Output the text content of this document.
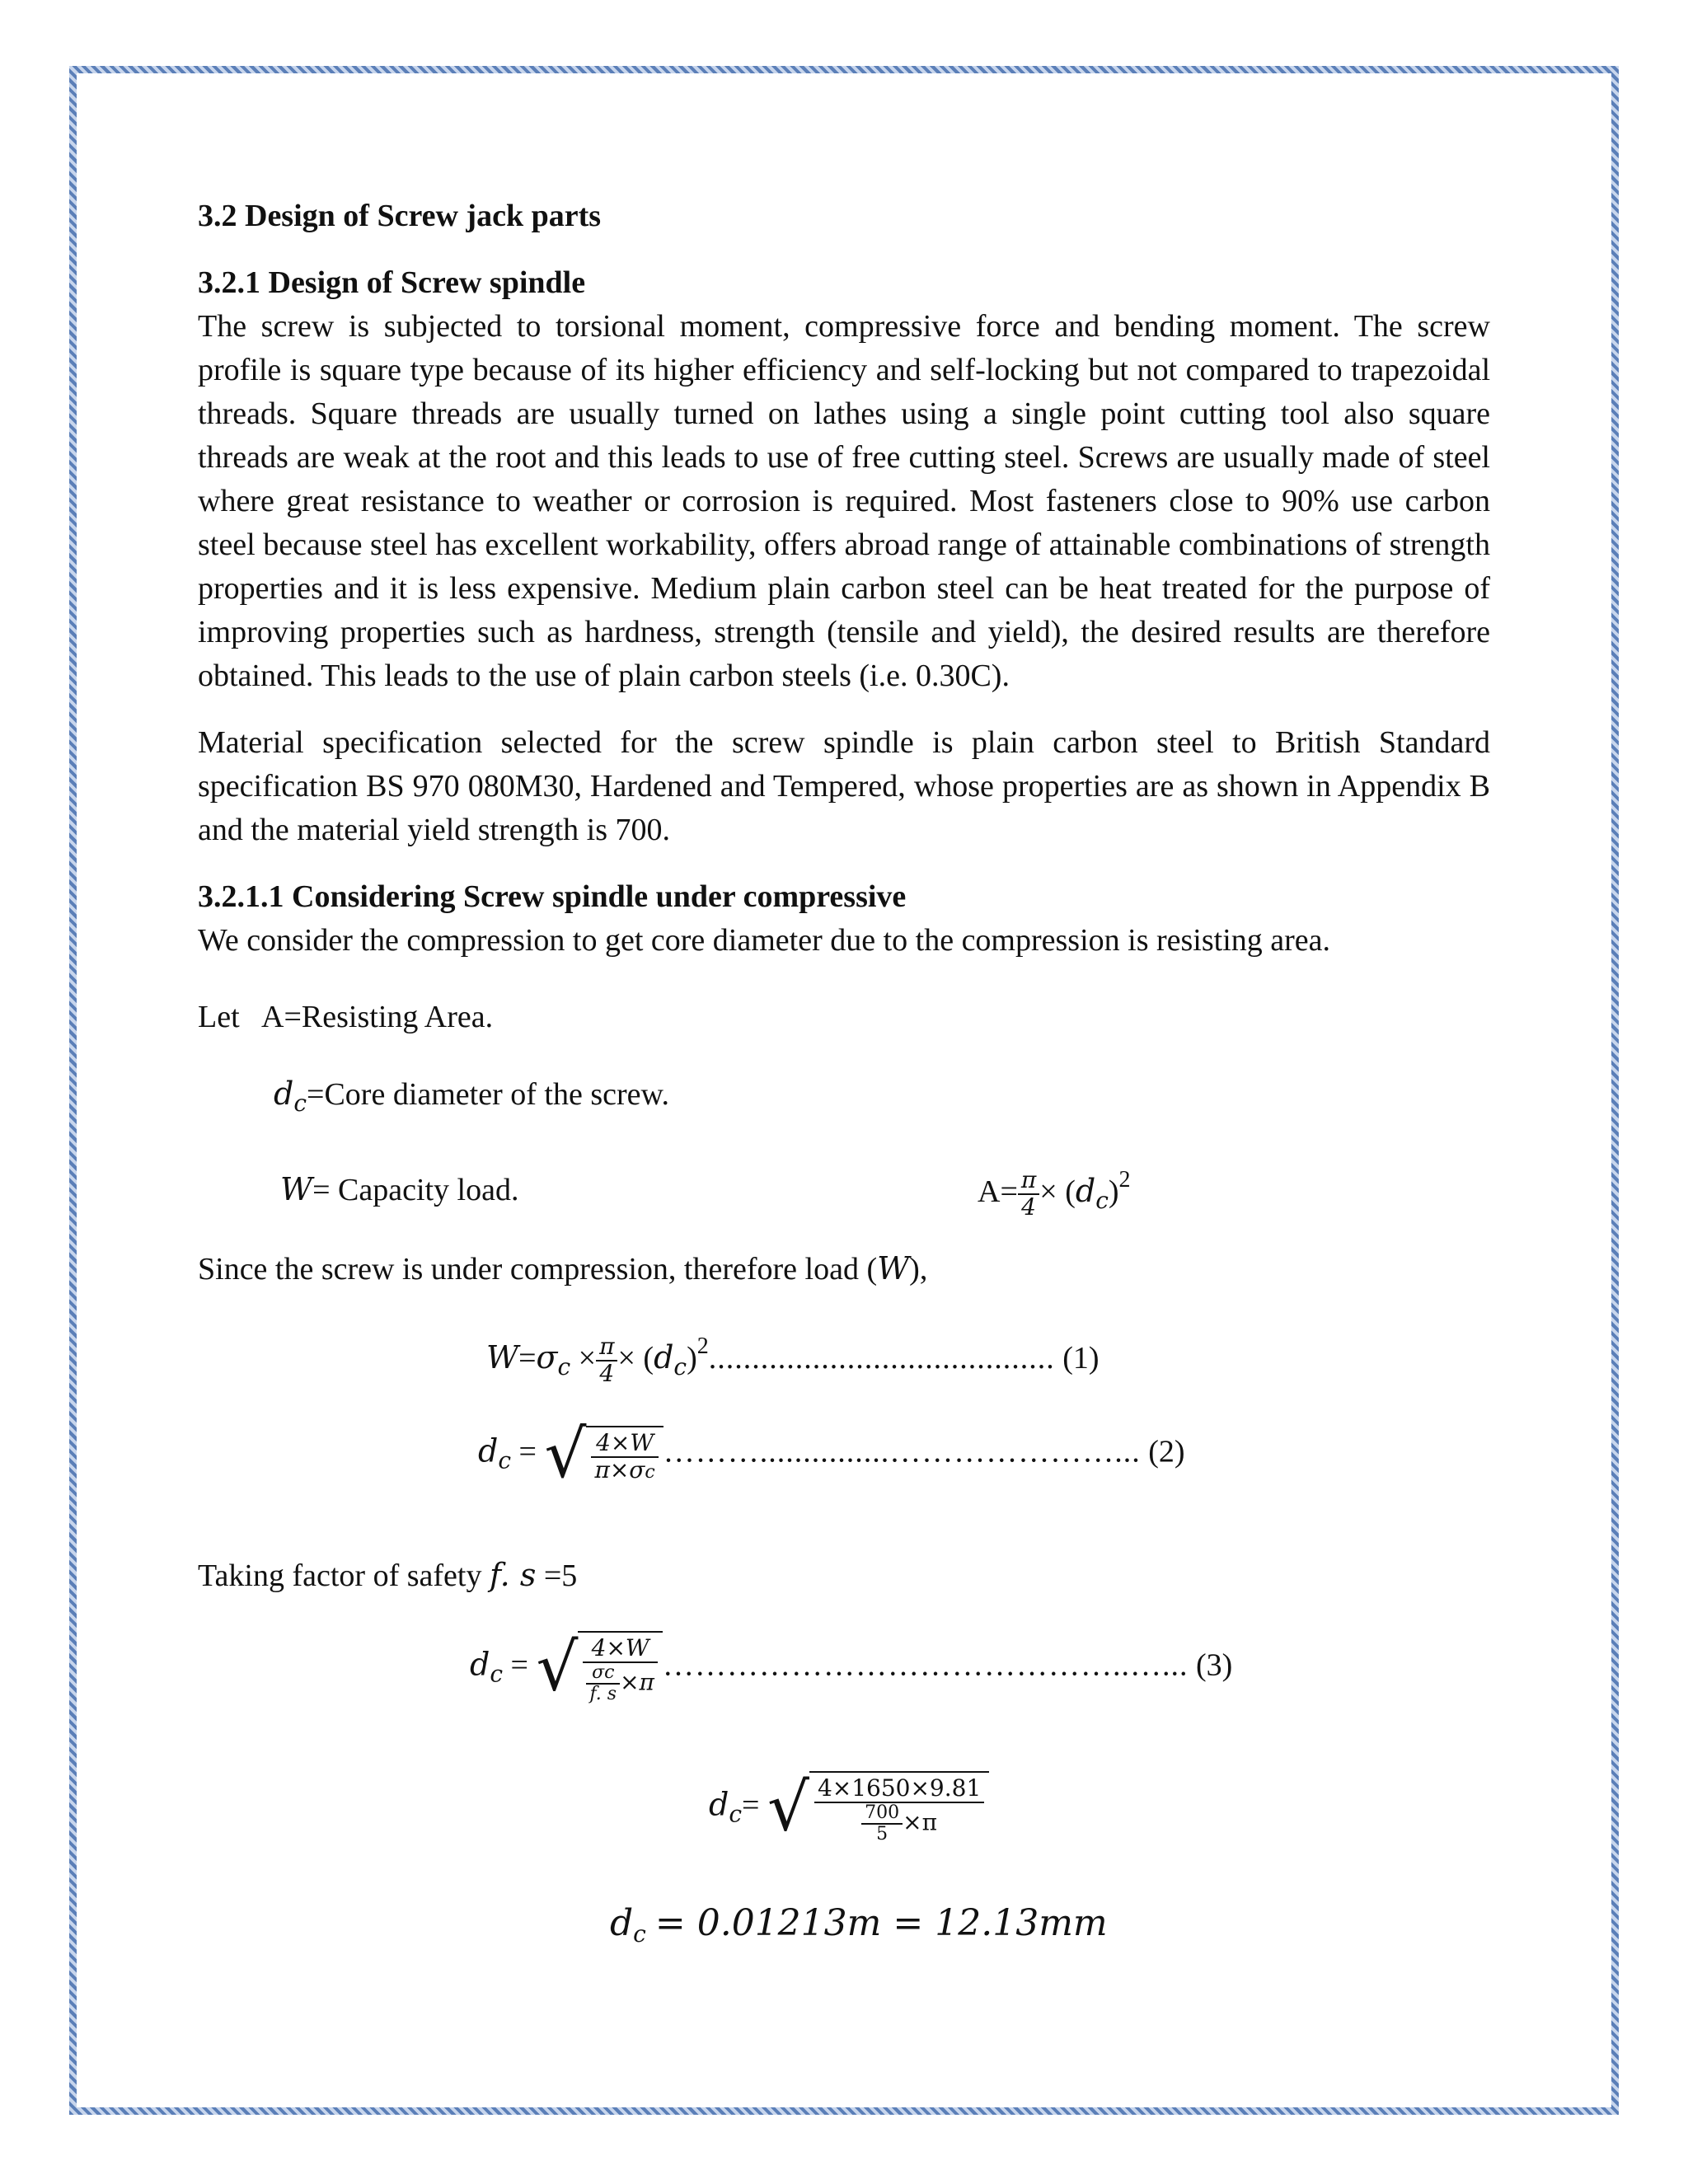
3.2 Design of Screw jack parts
3.2.1 Design of Screw spindle

The screw is subjected to torsional moment, compressive force and bending moment. The screw profile is square type because of its higher efficiency and self-locking but not compared to trapezoidal threads. Square threads are usually turned on lathes using a single point cutting tool also square threads are weak at the root and this leads to use of free cutting steel. Screws are usually made of steel where great resistance to weather or corrosion is required. Most fasteners close to 90% use carbon steel because steel has excellent workability, offers abroad range of attainable combinations of strength properties and it is less expensive. Medium plain carbon steel can be heat treated for the purpose of improving properties such as hardness, strength (tensile and yield), the desired results are therefore obtained. This leads to the use of plain carbon steels (i.e. 0.30C).

Material specification selected for the screw spindle is plain carbon steel to British Standard specification BS 970 080M30, Hardened and Tempered, whose properties are as shown in Appendix B and the material yield strength is 700.

3.2.1.1 Considering Screw spindle under compressive

We consider the compression to get core diameter due to the compression is resisting area.

Let   A=Resisting Area.
$d_c=Core$ diameter of the screw.
W= Capacity load.	$A= \frac{\pi}{4} \times (d_c)^2$
Since the screw is under compression, therefore load (W),
$W=\sigma_c \times \frac{\pi}{4} \times (d_c)^2$........................................ (1)
$d_c$ = √ $\frac{4\times W}{\pi\times\sigma c}$ ………...............…………………... (2)
Taking factor of safety f. s =5
$d_c$ = √ $\frac{4\times W}{\frac{\sigma c}{f. s} \times\pi}$ ……………………………………..…... (3)
$d_c=$ √ $\frac{4\times 1650\times 9.81}{\frac{700}{5} \times\pi}$
$d_c = 0.01213m = 12.13mm$
